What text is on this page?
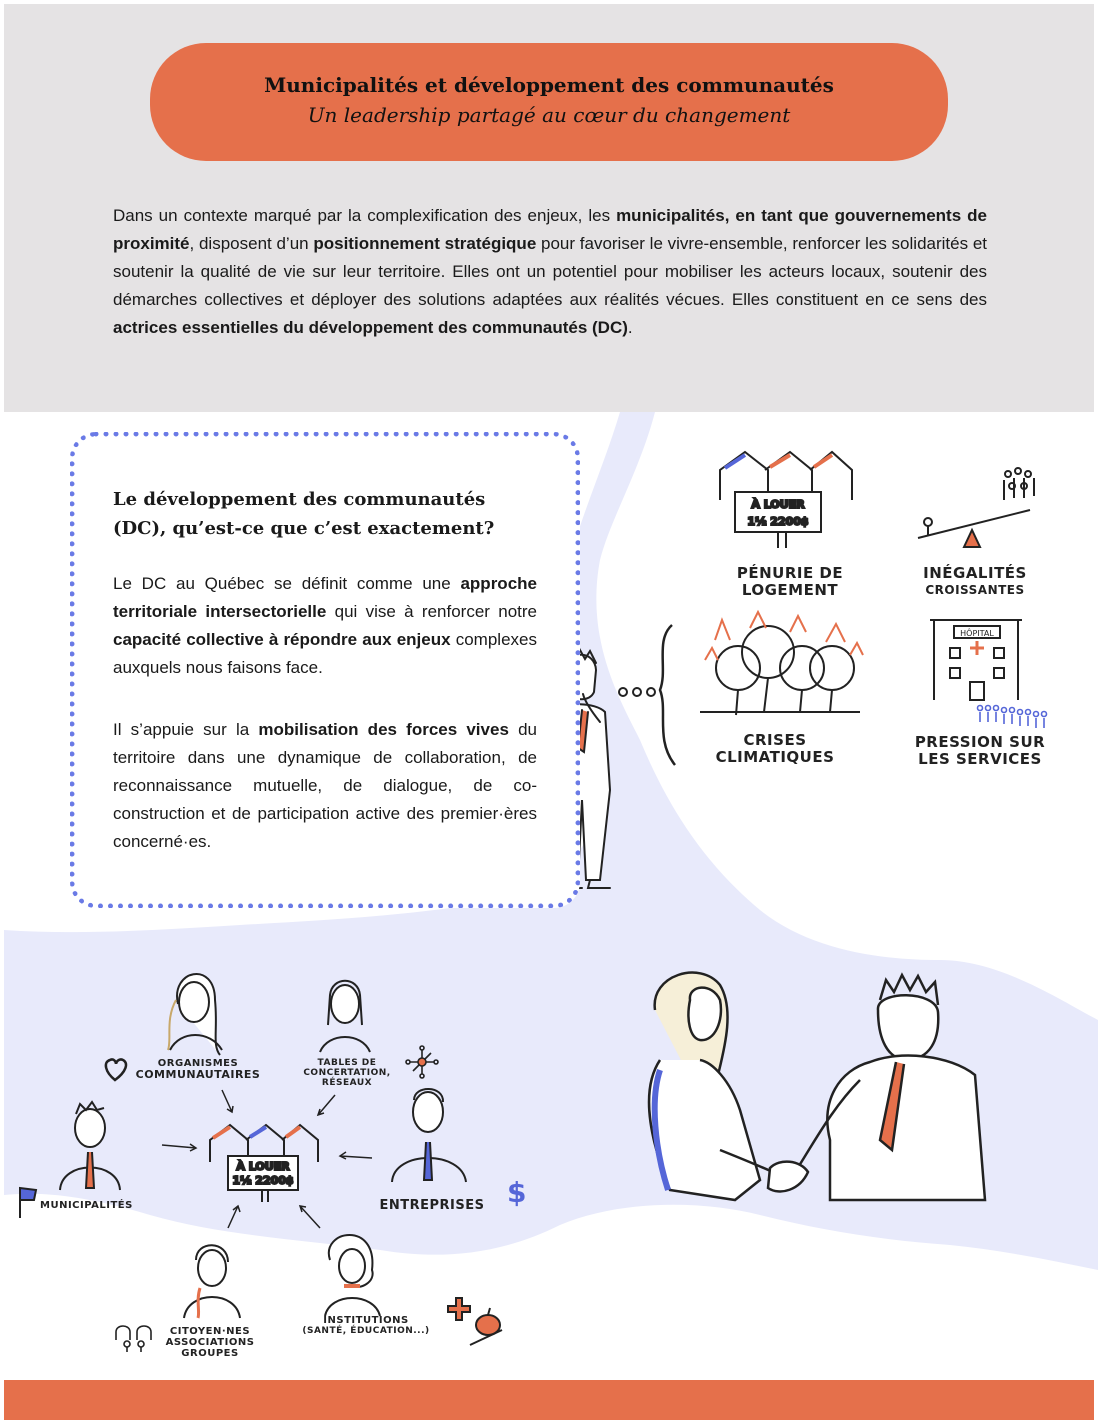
Municipalités et développement des communautés
Un leadership partagé au cœur du changement

Dans un contexte marqué par la complexification des enjeux, les municipalités, en tant que gouvernements de proximité, disposent d’un positionnement stratégique pour favoriser le vivre-ensemble, renforcer les solidarités et soutenir la qualité de vie sur leur territoire. Elles ont un potentiel pour mobiliser les acteurs locaux, soutenir des démarches collectives et déployer des solutions adaptées aux réalités vécues. Elles constituent en ce sens des actrices essentielles du développement des communautés (DC).

À LOUER
1½ 2200$
HÔPITAL
À LOUER
1½ 2200$

Le développement des communautés (DC), qu’est-ce que c’est exactement?

Le DC au Québec se définit comme une approche territoriale intersectorielle qui vise à renforcer notre capacité collective à répondre aux enjeux complexes auxquels nous faisons face.

Il s’appuie sur la mobilisation des forces vives du territoire dans une dynamique de collaboration, de reconnaissance mutuelle, de dialogue, de co-construction et de participation active des premier·ères concerné·es.

PÉNURIE DE
LOGEMENT
INÉGALITÉS
CROISSANTES
CRISES
CLIMATIQUES
PRESSION SUR
LES SERVICES
ORGANISMES
COMMUNAUTAIRES
TABLES DE
CONCERTATION,
RÉSEAUX
MUNICIPALITÉS	ENTREPRISES $
CITOYEN·NES
ASSOCIATIONS
GROUPES
INSTITUTIONS
(SANTÉ, ÉDUCATION...)
